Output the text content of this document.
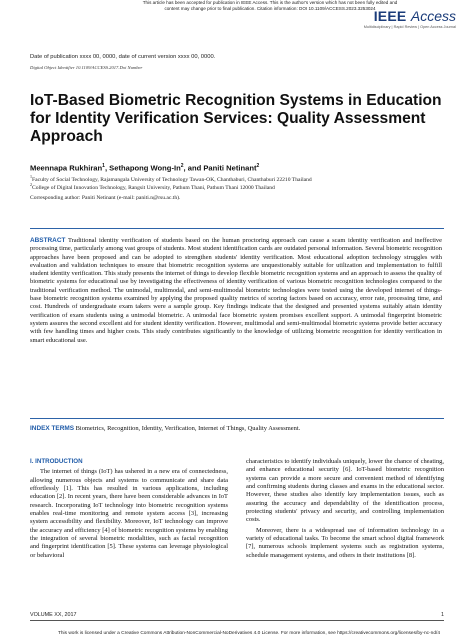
This article has been accepted for publication in IEEE Access. This is the author's version which has not been fully edited and
content may change prior to final publication. Citation information: DOI 10.1109/ACCESS.2023.3253024
IEEE Access
Multidisciplinary | Rapid Review | Open Access Journal
Date of publication xxxx 00, 0000, date of current version xxxx 00, 0000.
Digital Object Identifier 10.1109/ACCESS.2017.Doi Number
IoT-Based Biometric Recognition Systems in Education for Identity Verification Services: Quality Assessment Approach
Meennapa Rukhiran$^1$, Sethapong Wong-In$^2$, and Paniti Netinant$^2$
$^1$Faculty of Social Technology, Rajamangala University of Technology Tawan-OK, Chanthaburi, Chanthaburi 22210 Thailand
$^2$College of Digital Innovation Technology, Rangsit University, Pathum Thani, Pathum Thani 12000 Thailand
Corresponding author: Paniti Netinant (e-mail: paniti.n@rsu.ac.th).
ABSTRACT Traditional identity verification of students based on the human proctoring approach can cause a scam identity verification and ineffective processing time, particularly among vast groups of students. Most student identification cards are outdated personal information. Several biometric recognition approaches have been proposed and can be adopted to strengthen students' identity verification. Most educational adoption technology struggles with evaluation and validation techniques to ensure that biometric recognition systems are unquestionably suitable for utilization and implementation to fulfill student identity verification. This study presents the internet of things to develop flexible biometric recognition systems and an approach to assess the quality of biometric systems for educational use by investigating the effectiveness of identity verification of various biometric recognition technologies compared to the traditional verification method. The unimodal, multimodal, and semi-multimodal biometric technologies were tested using the developed internet of things-base biometric recognition systems examined by applying the proposed quality metrics of scoring factors based on accuracy, error rate, processing time, and cost. Hundreds of undergraduate exam takers were a sample group. Key findings indicate that the designed and presented systems suitably attain identity verification of exam students using a unimodal biometric. A unimodal face biometric system promises excellent support. A unimodal fingerprint biometric system assures the second excellent aid for student identity verification. However, multimodal and semi-multimodal biometric systems provide better accuracy with few handling times and higher costs. This study contributes significantly to the knowledge of utilizing biometric recognition for identity verification in smart educational use.
INDEX TERMS Biometrics, Recognition, Identity, Verification, Internet of Things, Quality Assessment.
I. INTRODUCTION

The internet of things (IoT) has ushered in a new era of connectedness, allowing numerous objects and systems to communicate and share data effortlessly [1]. This has resulted in various applications, including education [2]. In recent years, there have been considerable advances in IoT research. Incorporating IoT technology into biometric recognition systems enables real-time monitoring and remote system access [3], increasing system accessibility and flexibility. Moreover, IoT technology can improve the accuracy and efficiency [4] of biometric recognition systems by enabling the integration of several biometric modalities, such as facial recognition and fingerprint identification [5]. These systems can leverage physiological or behavioral

characteristics to identify individuals uniquely, lower the chance of cheating, and enhance educational security [6]. IoT-based biometric recognition systems can provide a more secure and convenient method of identifying and confirming students during classes and exams in the educational sector. However, these studies also identify key implementation issues, such as assuring the accuracy and dependability of the identification process, protecting students' privacy and security, and controlling implementation costs.

Moreover, there is a widespread use of information technology in a variety of educational tasks. To become the smart school digital framework [7], numerous schools implement systems such as registration systems, schedule management systems, and others in their institutions [8].

VOLUME XX, 2017	1
This work is licensed under a Creative Commons Attribution-NonCommercial-NoDerivatives 4.0 License. For more information, see https://creativecommons.org/licenses/by-nc-nd/4
